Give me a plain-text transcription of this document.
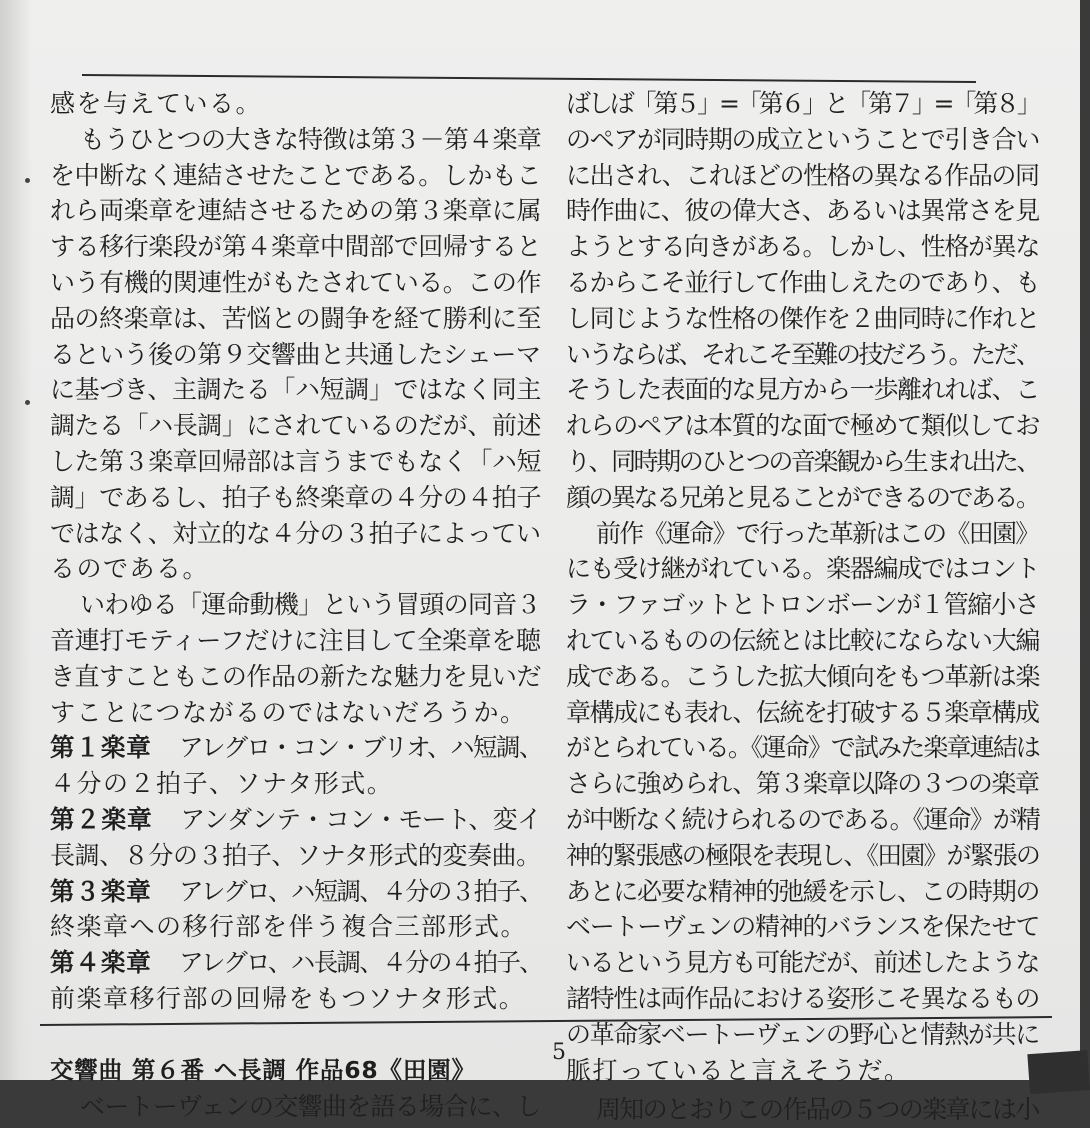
感を与えている。
もうひとつの大きな特徴は第３－第４楽章
を中断なく連結させたことである。しかもこ
れら両楽章を連結させるための第３楽章に属
する移行楽段が第４楽章中間部で回帰すると
いう有機的関連性がもたされている。この作
品の終楽章は、苦悩との闘争を経て勝利に至
るという後の第９交響曲と共通したシェーマ
に基づき、主調たる「ハ短調」ではなく同主
調たる「ハ長調」にされているのだが、前述
した第３楽章回帰部は言うまでもなく「ハ短
調」であるし、拍子も終楽章の４分の４拍子
ではなく、対立的な４分の３拍子によってい
るのである。
いわゆる「運命動機」という冒頭の同音３
音連打モティーフだけに注目して全楽章を聴
き直すこともこの作品の新たな魅力を見いだ
すことにつながるのではないだろうか。
第１楽章 アレグロ・コン・ブリオ、ハ短調、
４分の２拍子、ソナタ形式。
第２楽章 アンダンテ・コン・モート、変イ
長調、８分の３拍子、ソナタ形式的変奏曲。
第３楽章 アレグロ、ハ短調、４分の３拍子、
終楽章への移行部を伴う複合三部形式。
第４楽章 アレグロ、ハ長調、４分の４拍子、
前楽章移行部の回帰をもつソナタ形式。
交響曲 第６番 ヘ長調 作品68《田園》
ベートーヴェンの交響曲を語る場合に、し
ばしば「第５」=「第６」と「第７」=「第８」
のペアが同時期の成立ということで引き合い
に出され、これほどの性格の異なる作品の同
時作曲に、彼の偉大さ、あるいは異常さを見
ようとする向きがある。しかし、性格が異な
るからこそ並行して作曲しえたのであり、も
し同じような性格の傑作を２曲同時に作れと
いうならば、それこそ至難の技だろう。ただ、
そうした表面的な見方から一歩離れれば、こ
れらのペアは本質的な面で極めて類似してお
り、同時期のひとつの音楽観から生まれ出た、
顔の異なる兄弟と見ることができるのである。
前作《運命》で行った革新はこの《田園》
にも受け継がれている。楽器編成ではコント
ラ・ファゴットとトロンボーンが１管縮小さ
れているものの伝統とは比較にならない大編
成である。こうした拡大傾向をもつ革新は楽
章構成にも表れ、伝統を打破する５楽章構成
がとられている。《運命》で試みた楽章連結は
さらに強められ、第３楽章以降の３つの楽章
が中断なく続けられるのである。《運命》が精
神的緊張感の極限を表現し、《田園》が緊張の
あとに必要な精神的弛緩を示し、この時期の
ベートーヴェンの精神的バランスを保たせて
いるという見方も可能だが、前述したような
諸特性は両作品における姿形こそ異なるもの
の革命家ベートーヴェンの野心と情熱が共に
脈打っていると言えそうだ。
周知のとおりこの作品の５つの楽章には小
5
